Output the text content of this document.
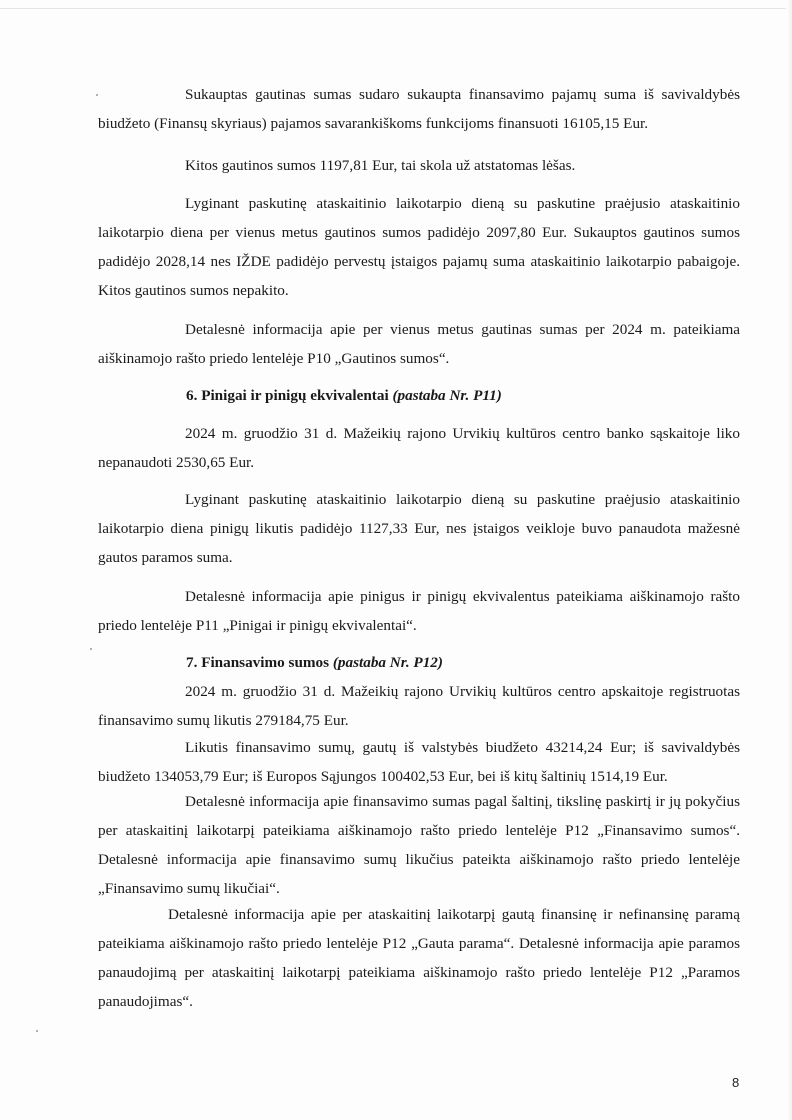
Sukauptas gautinas sumas sudaro sukaupta finansavimo pajamų suma iš savivaldybės biudžeto (Finansų skyriaus) pajamos savarankiškoms funkcijoms finansuoti 16105,15 Eur.

Kitos gautinos sumos 1197,81 Eur, tai skola už atstatomas lėšas.

Lyginant paskutinę ataskaitinio laikotarpio dieną su paskutine praėjusio ataskaitinio laikotarpio diena per vienus metus gautinos sumos padidėjo 2097,80 Eur. Sukauptos gautinos sumos padidėjo 2028,14 nes IŽDE padidėjo pervestų įstaigos pajamų suma ataskaitinio laikotarpio pabaigoje. Kitos gautinos sumos nepakito.

Detalesnė informacija apie per vienus metus gautinas sumas per 2024 m. pateikiama aiškinamojo rašto priedo lentelėje P10 „Gautinos sumos“.

6. Pinigai ir pinigų ekvivalentai (pastaba Nr. P11)

2024 m. gruodžio 31 d. Mažeikių rajono Urvikių kultūros centro banko sąskaitoje liko nepanaudoti 2530,65 Eur.

Lyginant paskutinę ataskaitinio laikotarpio dieną su paskutine praėjusio ataskaitinio laikotarpio diena pinigų likutis padidėjo 1127,33 Eur, nes įstaigos veikloje buvo panaudota mažesnė gautos paramos suma.

Detalesnė informacija apie pinigus ir pinigų ekvivalentus pateikiama aiškinamojo rašto priedo lentelėje P11 „Pinigai ir pinigų ekvivalentai“.

7. Finansavimo sumos (pastaba Nr. P12)

2024 m. gruodžio 31 d. Mažeikių rajono Urvikių kultūros centro apskaitoje registruotas finansavimo sumų likutis 279184,75 Eur.

Likutis finansavimo sumų, gautų iš valstybės biudžeto 43214,24 Eur; iš savivaldybės biudžeto 134053,79 Eur; iš Europos Sąjungos 100402,53 Eur, bei iš kitų šaltinių 1514,19 Eur.

Detalesnė informacija apie finansavimo sumas pagal šaltinį, tikslinę paskirtį ir jų pokyčius per ataskaitinį laikotarpį pateikiama aiškinamojo rašto priedo lentelėje P12 „Finansavimo sumos“. Detalesnė informacija apie finansavimo sumų likučius pateikta aiškinamojo rašto priedo lentelėje „Finansavimo sumų likučiai“.

Detalesnė informacija apie per ataskaitinį laikotarpį gautą finansinę ir nefinansinę paramą pateikiama aiškinamojo rašto priedo lentelėje P12 „Gauta parama“. Detalesnė informacija apie paramos panaudojimą per ataskaitinį laikotarpį pateikiama aiškinamojo rašto priedo lentelėje P12 „Paramos panaudojimas“.

8
